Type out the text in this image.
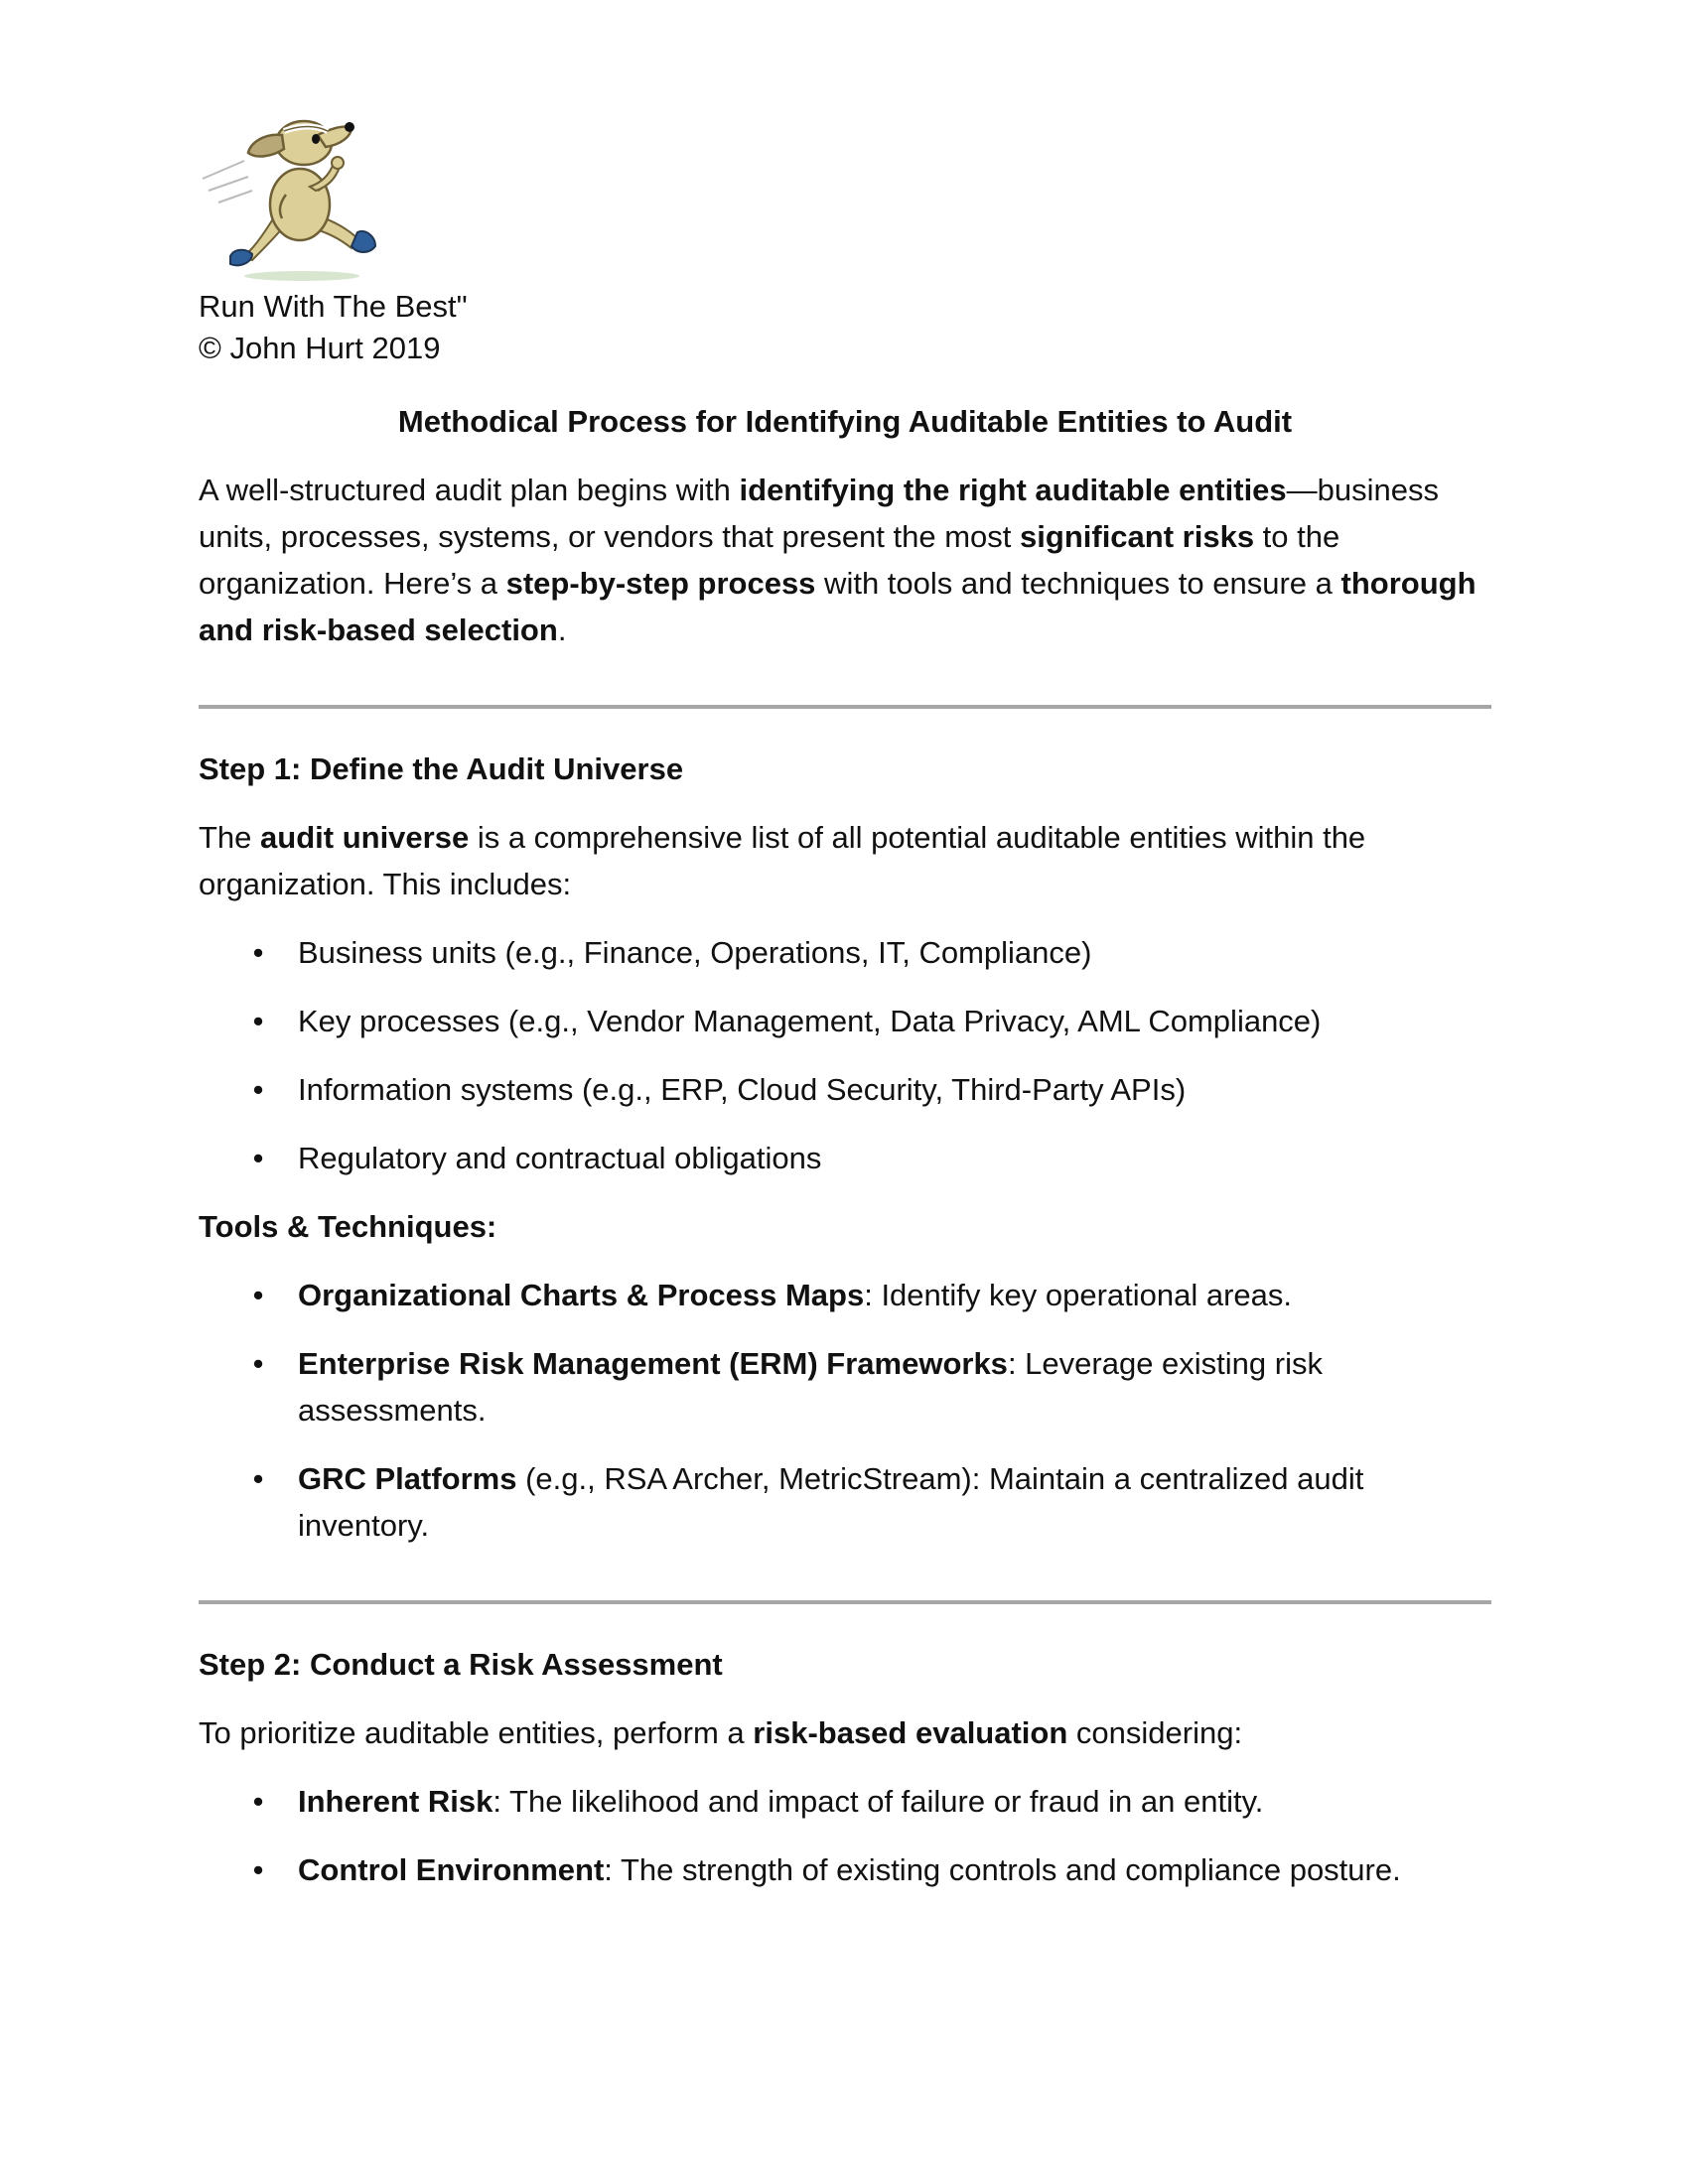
Run With The Best"

© John Hurt 2019

Methodical Process for Identifying Auditable Entities to Audit

A well-structured audit plan begins with identifying the right auditable entities—business units, processes, systems, or vendors that present the most significant risks to the organization. Here’s a step-by-step process with tools and techniques to ensure a thorough and risk-based selection.

Step 1: Define the Audit Universe

The audit universe is a comprehensive list of all potential auditable entities within the organization. This includes:

• Business units (e.g., Finance, Operations, IT, Compliance)
• Key processes (e.g., Vendor Management, Data Privacy, AML Compliance)
• Information systems (e.g., ERP, Cloud Security, Third-Party APIs)
• Regulatory and contractual obligations

Tools & Techniques:

• Organizational Charts & Process Maps: Identify key operational areas.
• Enterprise Risk Management (ERM) Frameworks: Leverage existing risk assessments.
• GRC Platforms (e.g., RSA Archer, MetricStream): Maintain a centralized audit inventory.
Step 2: Conduct a Risk Assessment

To prioritize auditable entities, perform a risk-based evaluation considering:

• Inherent Risk: The likelihood and impact of failure or fraud in an entity.
• Control Environment: The strength of existing controls and compliance posture.
